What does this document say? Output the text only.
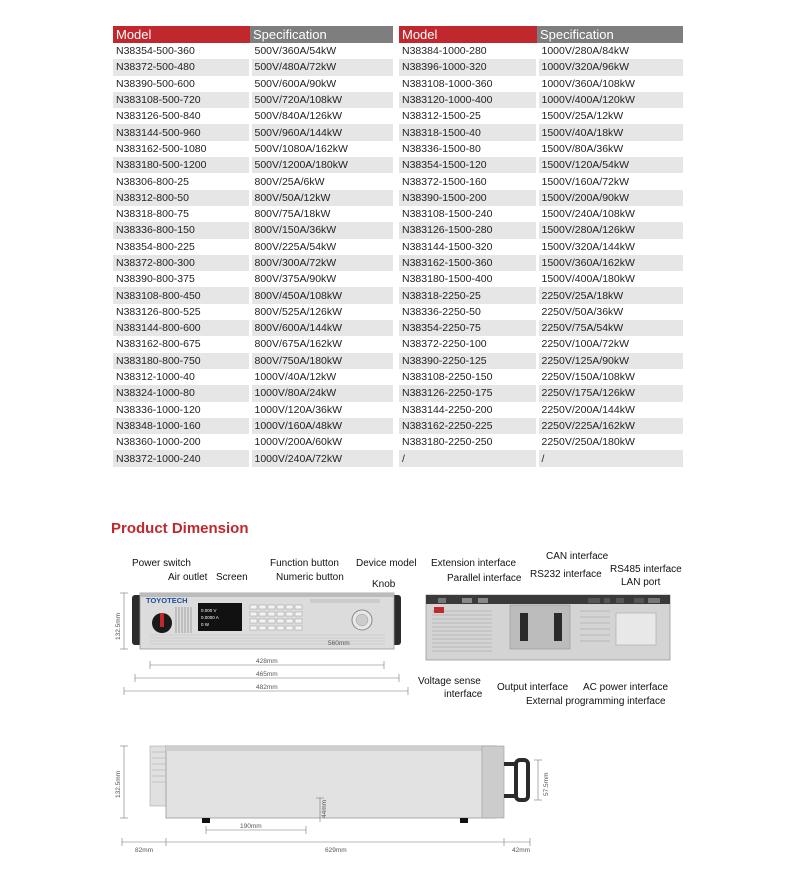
Model	Specification
N38354-500-360	500V/360A/54kW
N38372-500-480	500V/480A/72kW
N38390-500-600	500V/600A/90kW
N383108-500-720	500V/720A/108kW
N383126-500-840	500V/840A/126kW
N383144-500-960	500V/960A/144kW
N383162-500-1080	500V/1080A/162kW
N383180-500-1200	500V/1200A/180kW
N38306-800-25	800V/25A/6kW
N38312-800-50	800V/50A/12kW
N38318-800-75	800V/75A/18kW
N38336-800-150	800V/150A/36kW
N38354-800-225	800V/225A/54kW
N38372-800-300	800V/300A/72kW
N38390-800-375	800V/375A/90kW
N383108-800-450	800V/450A/108kW
N383126-800-525	800V/525A/126kW
N383144-800-600	800V/600A/144kW
N383162-800-675	800V/675A/162kW
N383180-800-750	800V/750A/180kW
N38312-1000-40	1000V/40A/12kW
N38324-1000-80	1000V/80A/24kW
N38336-1000-120	1000V/120A/36kW
N38348-1000-160	1000V/160A/48kW
N38360-1000-200	1000V/200A/60kW
N38372-1000-240	1000V/240A/72kW
Model	Specification
N38384-1000-280	1000V/280A/84kW
N38396-1000-320	1000V/320A/96kW
N383108-1000-360	1000V/360A/108kW
N383120-1000-400	1000V/400A/120kW
N38312-1500-25	1500V/25A/12kW
N38318-1500-40	1500V/40A/18kW
N38336-1500-80	1500V/80A/36kW
N38354-1500-120	1500V/120A/54kW
N38372-1500-160	1500V/160A/72kW
N38390-1500-200	1500V/200A/90kW
N383108-1500-240	1500V/240A/108kW
N383126-1500-280	1500V/280A/126kW
N383144-1500-320	1500V/320A/144kW
N383162-1500-360	1500V/360A/162kW
N383180-1500-400	1500V/400A/180kW
N38318-2250-25	2250V/25A/18kW
N38336-2250-50	2250V/50A/36kW
N38354-2250-75	2250V/75A/54kW
N38372-2250-100	2250V/100A/72kW
N38390-2250-125	2250V/125A/90kW
N383108-2250-150	2250V/150A/108kW
N383126-2250-175	2250V/175A/126kW
N383144-2250-200	2250V/200A/144kW
N383162-2250-225	2250V/225A/162kW
N383180-2250-250	2250V/250A/180kW
/	/
Product Dimension
0.000 V
0.0000 A
0 W
TOYOTECH
132.5mm
560mm
428mm
465mm
482mm
Power switch
Air outlet Screen
Function button
Numeric button
Device model
Knob
Extension interface
Parallel interface
CAN interface
RS232 interface RS485 interface
LAN port
Voltage sense
interface
Output interface AC power interface
External programming interface
132.5mm	57.5mm
190mm
44mm
82mm	629mm	42mm
